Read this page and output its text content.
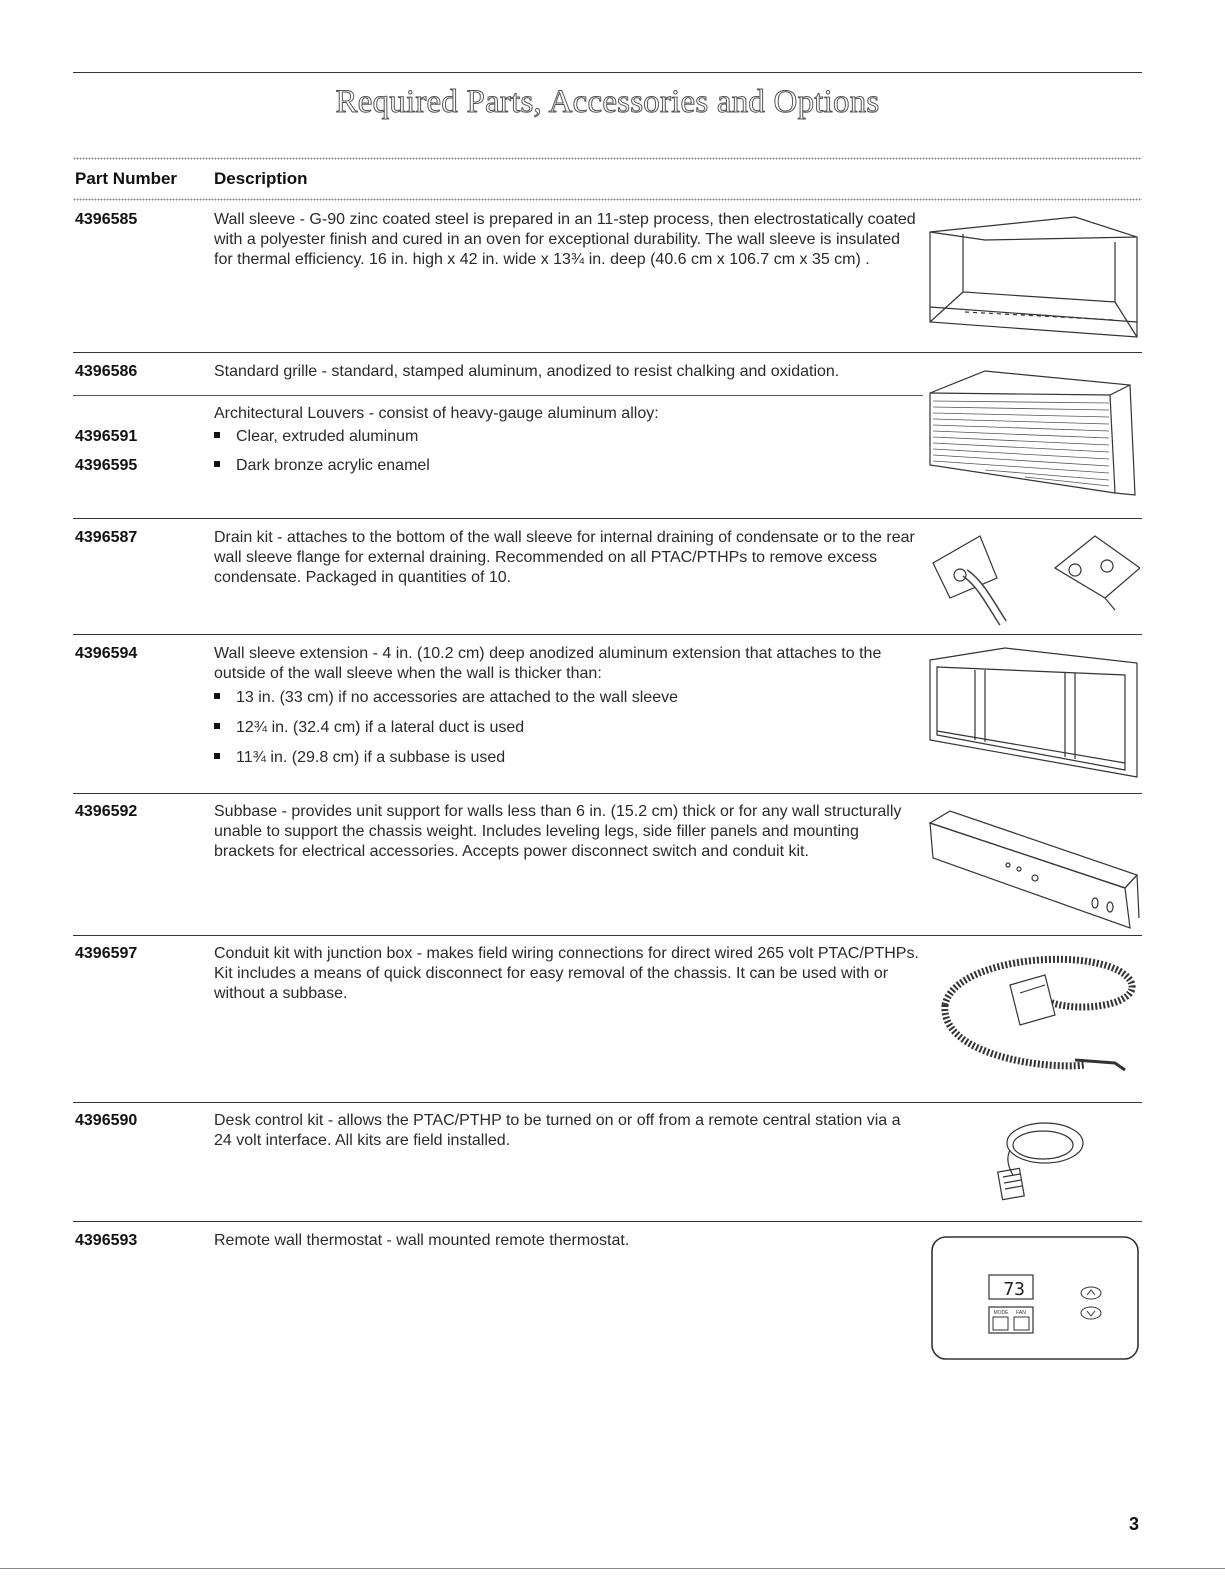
Required Parts, Accessories and Options
Part Number Description
4396585	Wall sleeve - G-90 zinc coated steel is prepared in an 11-step process, then electrostatically coated with a polyester finish and cured in an oven for exceptional durability. The wall sleeve is insulated for thermal efficiency. 16 in. high x 42 in. wide x 13¾ in. deep (40.6 cm x 106.7 cm x 35 cm) .
4396586	Standard grille - standard, stamped aluminum, anodized to resist chalking and oxidation.
Architectural Louvers - consist of heavy-gauge aluminum alloy:
4396591	Clear, extruded aluminum
4396595	Dark bronze acrylic enamel
4396587	Drain kit - attaches to the bottom of the wall sleeve for internal draining of condensate or to the rear wall sleeve flange for external draining. Recommended on all PTAC/PTHPs to remove excess condensate. Packaged in quantities of 10.
4396594	Wall sleeve extension - 4 in. (10.2 cm) deep anodized aluminum extension that attaches to the outside of the wall sleeve when the wall is thicker than:
13 in. (33 cm) if no accessories are attached to the wall sleeve
12¾ in. (32.4 cm) if a lateral duct is used
11¾ in. (29.8 cm) if a subbase is used
4396592	Subbase - provides unit support for walls less than 6 in. (15.2 cm) thick or for any wall structurally unable to support the chassis weight. Includes leveling legs, side filler panels and mounting brackets for electrical accessories. Accepts power disconnect switch and conduit kit.
4396597	Conduit kit with junction box - makes field wiring connections for direct wired 265 volt PTAC/PTHPs. Kit includes a means of quick disconnect for easy removal of the chassis. It can be used with or without a subbase.
4396590	Desk control kit - allows the PTAC/PTHP to be turned on or off from a remote central station via a 24 volt interface. All kits are field installed.
4396593	Remote wall thermostat - wall mounted remote thermostat.
73
MODE FAN
3
